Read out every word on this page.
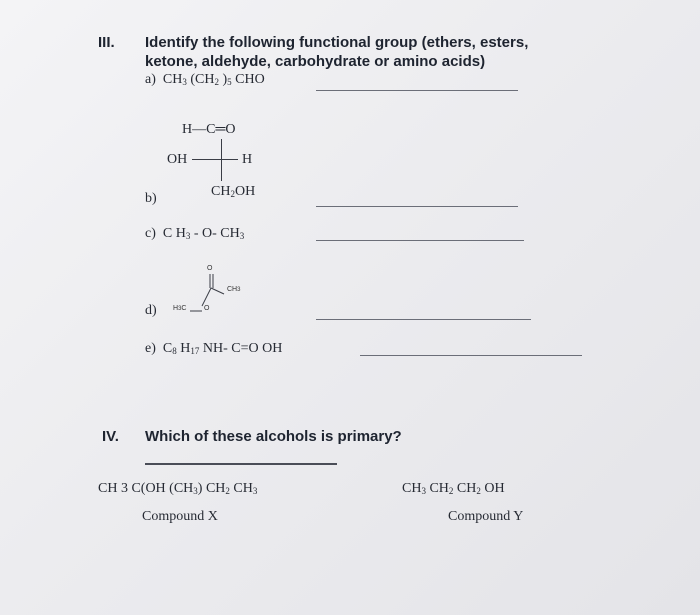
III. Identify the following functional group (ethers, esters,
ketone, aldehyde, carbohydrate or amino acids)
a) $CH_3$ ($CH_2$ )$_5$ CHO
H—C═O
OH	H
$CH_2OH$
b)
c) C $H_3 - O-$ $CH_3$
O
CH3
H3C	O
d)
e) $C_8$ $H_{17}$ NH- C=O OH
IV. Which of these alcohols is primary?
CH 3 C(OH $(CH_3)$ $CH_2$ $CH_3$
Compound X
$CH_3$ $CH_2$ $CH_2$ OH
Compound Y
